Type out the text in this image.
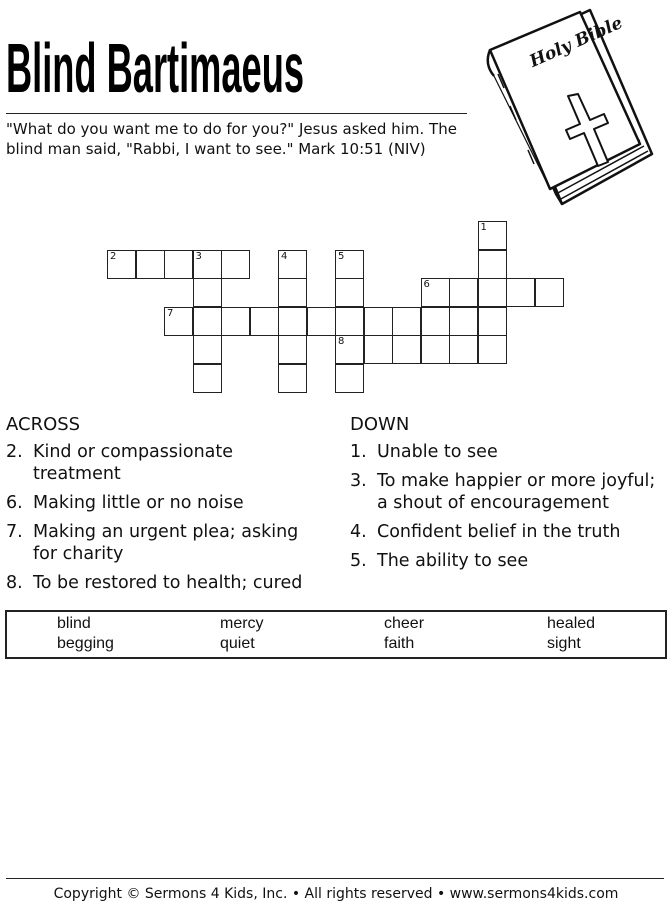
Blind Bartimaeus
"What do you want me to do for you?" Jesus asked him. The blind man said, "Rabbi, I want to see." Mark 10:51 (NIV)
Holy Bible
2	3
6
7
8
1
4	5
ACROSS
2. Kind or compassionate treatment
6. Making little or no noise
7. Making an urgent plea; asking for charity
8. To be restored to health; cured
DOWN
1. Unable to see
3. To make happier or more joyful; a shout of encouragement
4. Confident belief in the truth
5. The ability to see
blind	mercy	cheer	healed
begging	quiet	faith	sight
Copyright © Sermons 4 Kids, Inc. • All rights reserved • www.sermons4kids.com
